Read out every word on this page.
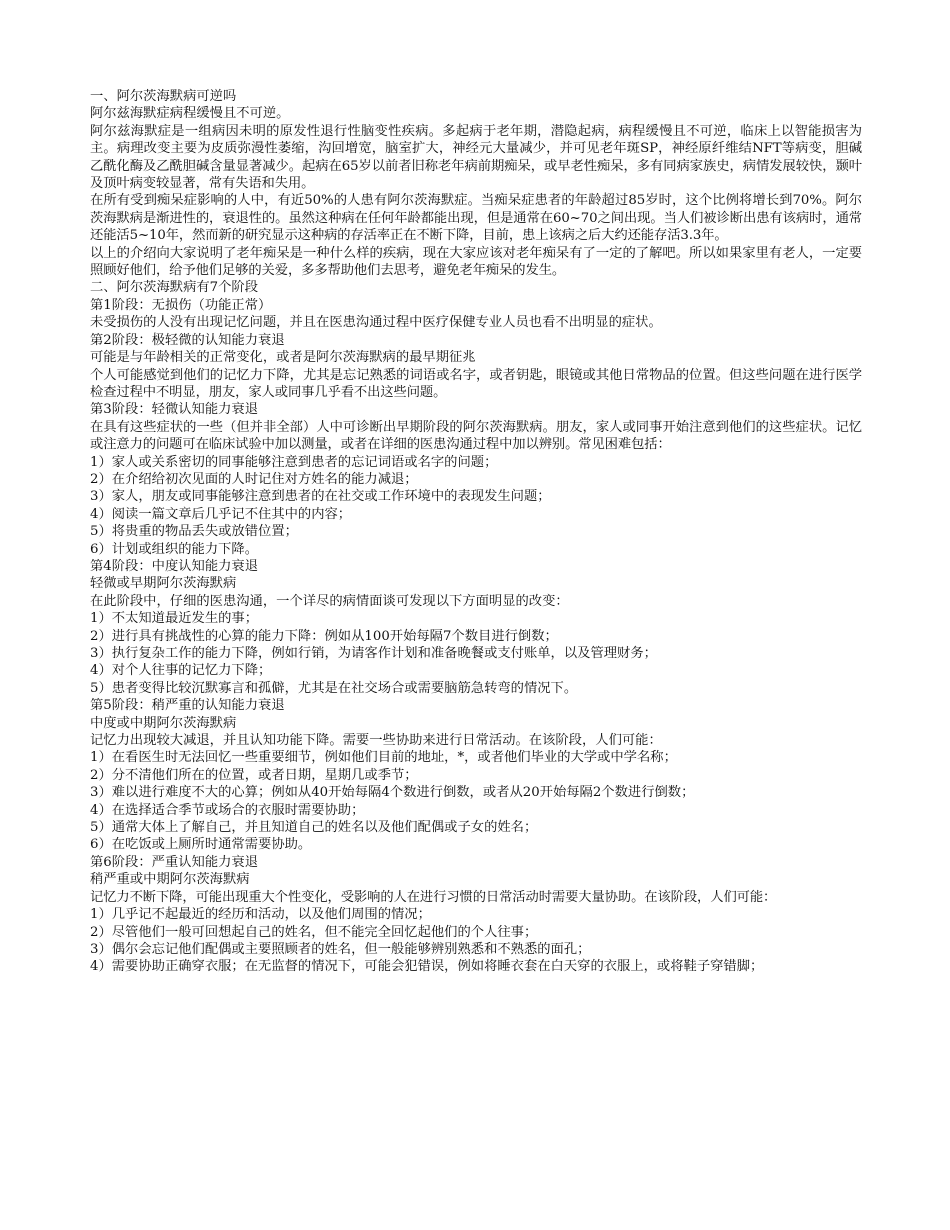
一、阿尔茨海默病可逆吗

阿尔兹海默症病程缓慢且不可逆。

阿尔兹海默症是一组病因未明的原发性退行性脑变性疾病。多起病于老年期，潜隐起病，病程缓慢且不可逆，临床上以智能损害为主。病理改变主要为皮质弥漫性萎缩，沟回增宽，脑室扩大，神经元大量减少，并可见老年斑SP，神经原纤维结NFT等病变，胆碱乙酰化酶及乙酰胆碱含量显著减少。起病在65岁以前者旧称老年病前期痴呆，或早老性痴呆，多有同病家族史，病情发展较快，颞叶及顶叶病变较显著，常有失语和失用。

在所有受到痴呆症影响的人中，有近50%的人患有阿尔茨海默症。当痴呆症患者的年龄超过85岁时，这个比例将增长到70%。阿尔茨海默病是渐进性的，衰退性的。虽然这种病在任何年龄都能出现，但是通常在60~70之间出现。当人们被诊断出患有该病时，通常还能活5~10年，然而新的研究显示这种病的存活率正在不断下降，目前，患上该病之后大约还能存活3.3年。

以上的介绍向大家说明了老年痴呆是一种什么样的疾病，现在大家应该对老年痴呆有了一定的了解吧。所以如果家里有老人，一定要照顾好他们，给予他们足够的关爱，多多帮助他们去思考，避免老年痴呆的发生。

二、阿尔茨海默病有7个阶段

第1阶段：无损伤（功能正常）

未受损伤的人没有出现记忆问题，并且在医患沟通过程中医疗保健专业人员也看不出明显的症状。

第2阶段：极轻微的认知能力衰退

可能是与年龄相关的正常变化，或者是阿尔茨海默病的最早期征兆

个人可能感觉到他们的记忆力下降，尤其是忘记熟悉的词语或名字，或者钥匙，眼镜或其他日常物品的位置。但这些问题在进行医学检查过程中不明显，朋友，家人或同事几乎看不出这些问题。

第3阶段：轻微认知能力衰退

在具有这些症状的一些（但并非全部）人中可诊断出早期阶段的阿尔茨海默病。朋友，家人或同事开始注意到他们的这些症状。记忆或注意力的问题可在临床试验中加以测量，或者在详细的医患沟通过程中加以辨别。常见困难包括：

1）家人或关系密切的同事能够注意到患者的忘记词语或名字的问题；

2）在介绍给初次见面的人时记住对方姓名的能力减退；

3）家人，朋友或同事能够注意到患者的在社交或工作环境中的表现发生问题；

4）阅读一篇文章后几乎记不住其中的内容；

5）将贵重的物品丢失或放错位置；

6）计划或组织的能力下降。

第4阶段：中度认知能力衰退

轻微或早期阿尔茨海默病

在此阶段中，仔细的医患沟通，一个详尽的病情面谈可发现以下方面明显的改变：

1）不太知道最近发生的事；

2）进行具有挑战性的心算的能力下降：例如从100开始每隔7个数目进行倒数；

3）执行复杂工作的能力下降，例如行销，为请客作计划和准备晚餐或支付账单，以及管理财务；

4）对个人往事的记忆力下降；

5）患者变得比较沉默寡言和孤僻，尤其是在社交场合或需要脑筋急转弯的情况下。

第5阶段：稍严重的认知能力衰退

中度或中期阿尔茨海默病

记忆力出现较大减退，并且认知功能下降。需要一些协助来进行日常活动。在该阶段，人们可能：

1）在看医生时无法回忆一些重要细节，例如他们目前的地址，*，或者他们毕业的大学或中学名称；

2）分不清他们所在的位置，或者日期，星期几或季节；

3）难以进行难度不大的心算；例如从40开始每隔4个数进行倒数，或者从20开始每隔2个数进行倒数；

4）在选择适合季节或场合的衣服时需要协助；

5）通常大体上了解自己，并且知道自己的姓名以及他们配偶或子女的姓名；

6）在吃饭或上厕所时通常需要协助。

第6阶段：严重认知能力衰退

稍严重或中期阿尔茨海默病

记忆力不断下降，可能出现重大个性变化，受影响的人在进行习惯的日常活动时需要大量协助。在该阶段，人们可能：

1）几乎记不起最近的经历和活动，以及他们周围的情况；

2）尽管他们一般可回想起自己的姓名，但不能完全回忆起他们的个人往事；

3）偶尔会忘记他们配偶或主要照顾者的姓名，但一般能够辨别熟悉和不熟悉的面孔；

4）需要协助正确穿衣服；在无监督的情况下，可能会犯错误，例如将睡衣套在白天穿的衣服上，或将鞋子穿错脚；
